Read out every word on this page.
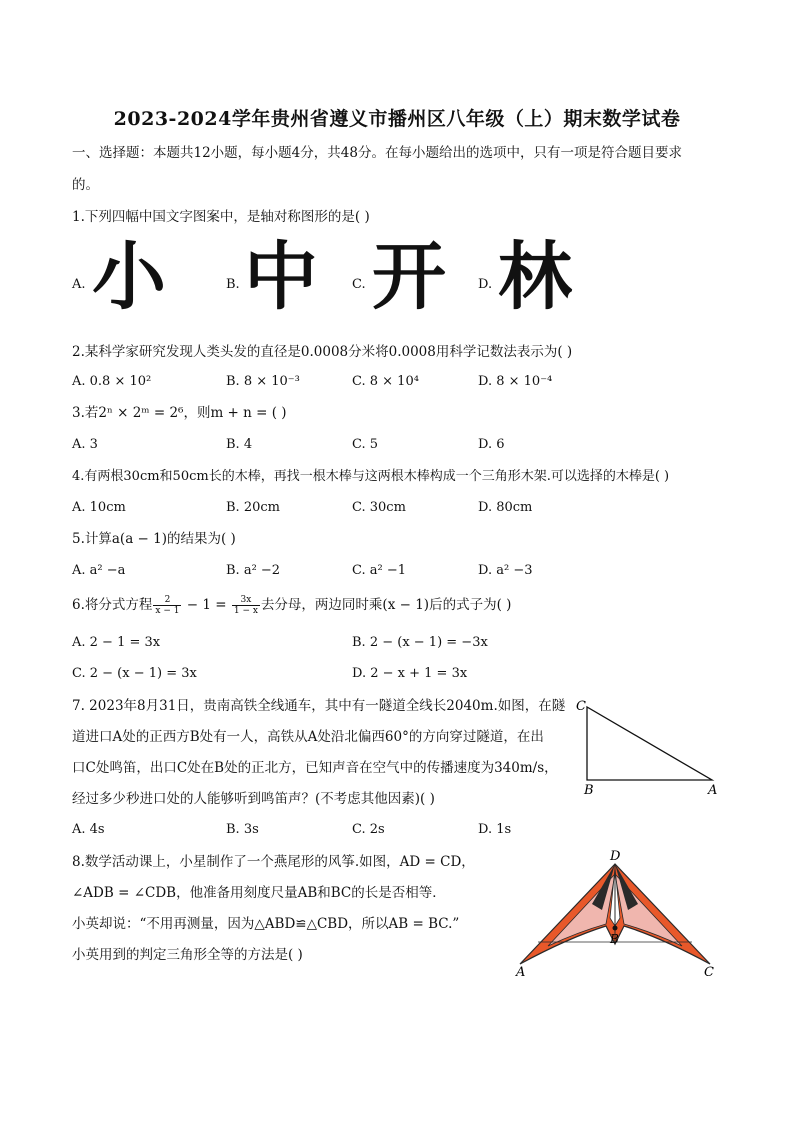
2023-2024学年贵州省遵义市播州区八年级（上）期末数学试卷
一、选择题：本题共12小题，每小题4分，共48分。在每小题给出的选项中，只有一项是符合题目要求
的。
1.下列四幅中国文字图案中，是轴对称图形的是( )
A. 小	B. 中	C. 开 D. 林
2.某科学家研究发现人类头发的直径是0.0008分米将0.0008用科学记数法表示为( )
A. 0.8 × 10²	B. 8 × 10⁻³	C. 8 × 10⁴	D. 8 × 10⁻⁴
3.若2ⁿ × 2ᵐ = 2⁶，则m + n = ( )
A. 3	B. 4	C. 5	D. 6
4.有两根30cm和50cm长的木棒，再找一根木棒与这两根木棒构成一个三角形木架.可以选择的木棒是( )
A. 10cm	B. 20cm	C. 30cm	D. 80cm
5.计算a(a − 1)的结果为( )
A. a² −a	B. a² −2	C. a² −1	D. a² −3
6.将分式方程 $\frac{2}{x - 1} - 1 = \frac{3x}{1 - x}$ 去分母，两边同时乘(x − 1)后的式子为( )
A. 2 − 1 = 3x	B. 2 − (x − 1) = −3x
C. 2 − (x − 1) = 3x	D. 2 − x + 1 = 3x
7. 2023年8月31日，贵南高铁全线通车，其中有一隧道全线长2040m.如图，在隧
道进口A处的正西方B处有一人，高铁从A处沿北偏西60°的方向穿过隧道，在出
口C处鸣笛，出口C处在B处的正北方，已知声音在空气中的传播速度为340m/s，
经过多少秒进口处的人能够听到鸣笛声？(不考虑其他因素)( )
A. 4s	B. 3s	C. 2s	D. 1s
C
B	A
8.数学活动课上，小星制作了一个燕尾形的风筝.如图，AD = CD，
∠ADB = ∠CDB，他准备用刻度尺量AB和BC的长是否相等．
小英却说：“不用再测量，因为△ABD≌△CBD，所以AB = BC.”
小英用到的判定三角形全等的方法是( )
D
B
A	C
